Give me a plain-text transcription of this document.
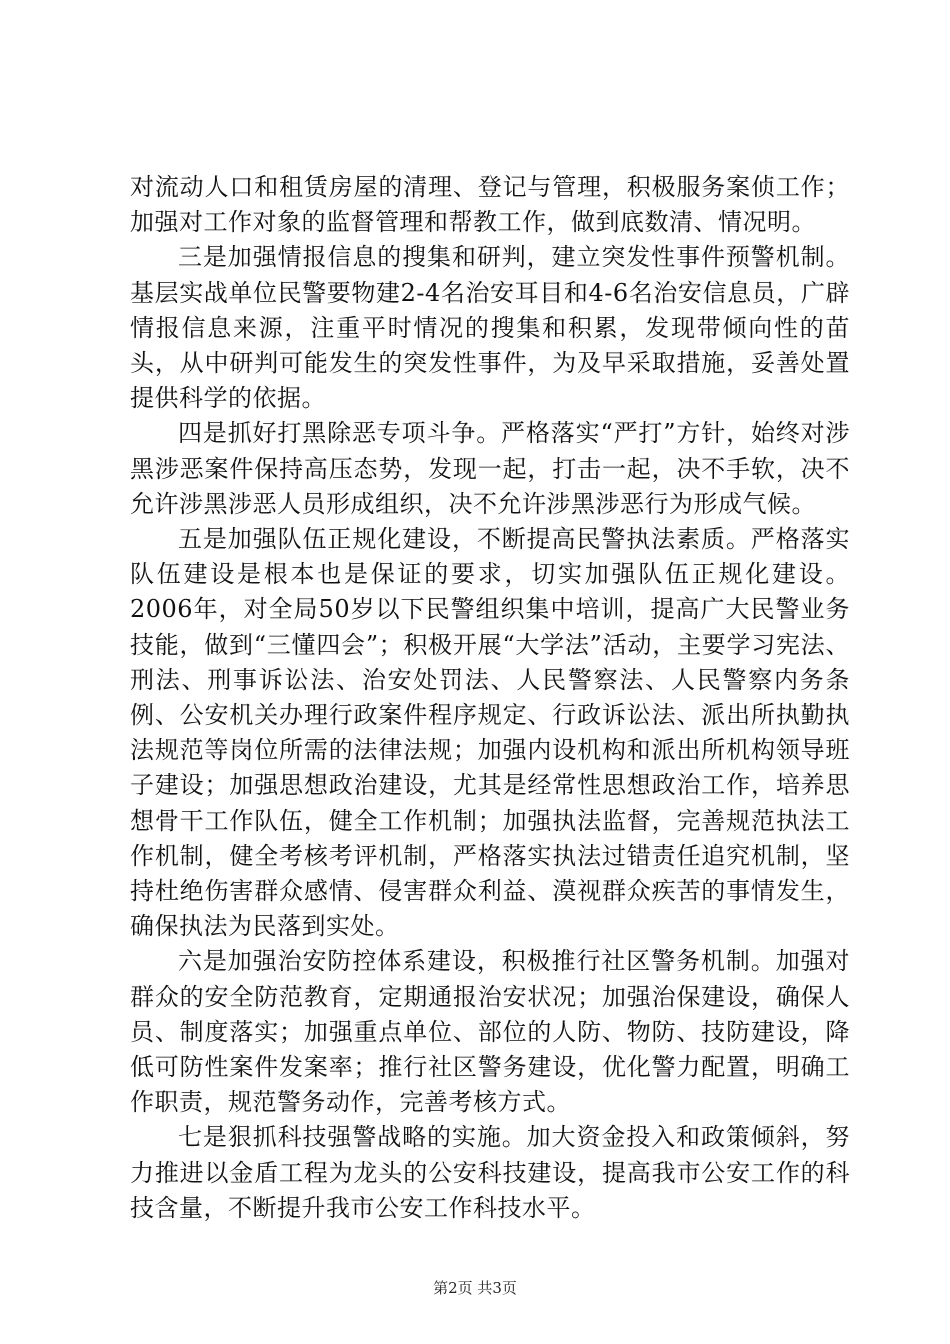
对流动人口和租赁房屋的清理、登记与管理，积极服务案侦工作；加强对工作对象的监督管理和帮教工作，做到底数清、情况明。

三是加强情报信息的搜集和研判，建立突发性事件预警机制。基层实战单位民警要物建2-4名治安耳目和4-6名治安信息员，广辟情报信息来源，注重平时情况的搜集和积累，发现带倾向性的苗头，从中研判可能发生的突发性事件，为及早采取措施，妥善处置提供科学的依据。

四是抓好打黑除恶专项斗争。严格落实“严打”方针，始终对涉黑涉恶案件保持高压态势，发现一起，打击一起，决不手软，决不允许涉黑涉恶人员形成组织，决不允许涉黑涉恶行为形成气候。

五是加强队伍正规化建设，不断提高民警执法素质。严格落实队伍建设是根本也是保证的要求，切实加强队伍正规化建设。2006年，对全局50岁以下民警组织集中培训，提高广大民警业务技能，做到“三懂四会”；积极开展“大学法”活动，主要学习宪法、刑法、刑事诉讼法、治安处罚法、人民警察法、人民警察内务条例、公安机关办理行政案件程序规定、行政诉讼法、派出所执勤执法规范等岗位所需的法律法规；加强内设机构和派出所机构领导班子建设；加强思想政治建设，尤其是经常性思想政治工作，培养思想骨干工作队伍，健全工作机制；加强执法监督，完善规范执法工作机制，健全考核考评机制，严格落实执法过错责任追究机制，坚持杜绝伤害群众感情、侵害群众利益、漠视群众疾苦的事情发生，确保执法为民落到实处。

六是加强治安防控体系建设，积极推行社区警务机制。加强对群众的安全防范教育，定期通报治安状况；加强治保建设，确保人员、制度落实；加强重点单位、部位的人防、物防、技防建设，降低可防性案件发案率；推行社区警务建设，优化警力配置，明确工作职责，规范警务动作，完善考核方式。

七是狠抓科技强警战略的实施。加大资金投入和政策倾斜，努力推进以金盾工程为龙头的公安科技建设，提高我市公安工作的科技含量，不断提升我市公安工作科技水平。

第2页 共3页
